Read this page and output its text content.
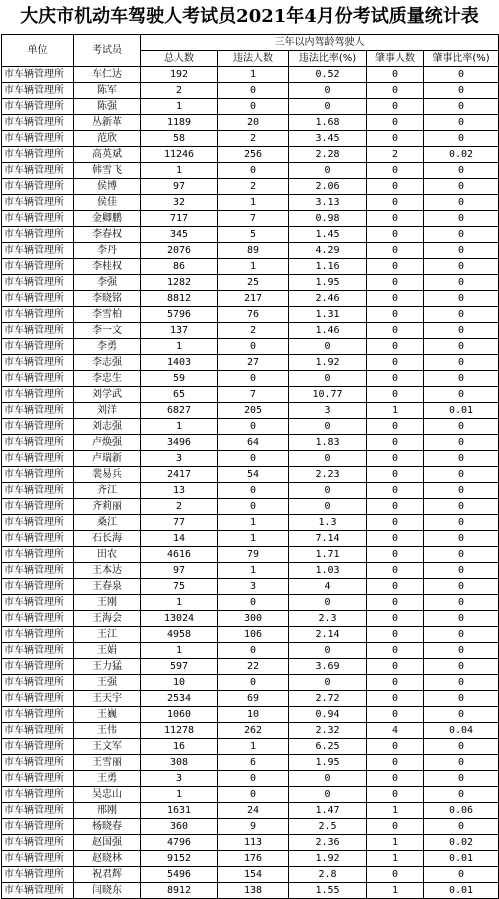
大庆市机动车驾驶人考试员2021年4月份考试质量统计表
单位	考试员	三年以内驾龄驾驶人				
		总人数	违法人数	违法比率(%)	肇事人数	肇事比率(%)
市车辆管理所	车仁达	192	1	0.52	0	0
市车辆管理所	陈军	2	0	0	0	0
市车辆管理所	陈强	1	0	0	0	0
市车辆管理所	丛新革	1189	20	1.68	0	0
市车辆管理所	范欣	58	2	3.45	0	0
市车辆管理所	高英斌	11246	256	2.28	2	0.02
市车辆管理所	韩雪飞	1	0	0	0	0
市车辆管理所	侯博	97	2	2.06	0	0
市车辆管理所	侯佳	32	1	3.13	0	0
市车辆管理所	金卿鹏	717	7	0.98	0	0
市车辆管理所	李春权	345	5	1.45	0	0
市车辆管理所	李丹	2076	89	4.29	0	0
市车辆管理所	李桂权	86	1	1.16	0	0
市车辆管理所	李强	1282	25	1.95	0	0
市车辆管理所	李晓铭	8812	217	2.46	0	0
市车辆管理所	李雪柏	5796	76	1.31	0	0
市车辆管理所	李一文	137	2	1.46	0	0
市车辆管理所	李勇	1	0	0	0	0
市车辆管理所	李志强	1403	27	1.92	0	0
市车辆管理所	李忠生	59	0	0	0	0
市车辆管理所	刘学武	65	7	10.77	0	0
市车辆管理所	刘洋	6827	205	3	1	0.01
市车辆管理所	刘志强	1	0	0	0	0
市车辆管理所	卢焕强	3496	64	1.83	0	0
市车辆管理所	卢瑞新	3	0	0	0	0
市车辆管理所	裴易兵	2417	54	2.23	0	0
市车辆管理所	齐江	13	0	0	0	0
市车辆管理所	齐莉丽	2	0	0	0	0
市车辆管理所	桑江	77	1	1.3	0	0
市车辆管理所	石长海	14	1	7.14	0	0
市车辆管理所	田农	4616	79	1.71	0	0
市车辆管理所	王本达	97	1	1.03	0	0
市车辆管理所	王春泉	75	3	4	0	0
市车辆管理所	王刚	1	0	0	0	0
市车辆管理所	王海会	13024	300	2.3	0	0
市车辆管理所	王江	4958	106	2.14	0	0
市车辆管理所	王娟	1	0	0	0	0
市车辆管理所	王力猛	597	22	3.69	0	0
市车辆管理所	王强	10	0	0	0	0
市车辆管理所	王天宇	2534	69	2.72	0	0
市车辆管理所	王巍	1060	10	0.94	0	0
市车辆管理所	王伟	11278	262	2.32	4	0.04
市车辆管理所	王文军	16	1	6.25	0	0
市车辆管理所	王雪丽	308	6	1.95	0	0
市车辆管理所	王勇	3	0	0	0	0
市车辆管理所	吴忠山	1	0	0	0	0
市车辆管理所	邢刚	1631	24	1.47	1	0.06
市车辆管理所	杨晓春	360	9	2.5	0	0
市车辆管理所	赵国强	4796	113	2.36	1	0.02
市车辆管理所	赵晓林	9152	176	1.92	1	0.01
市车辆管理所	祝君辉	5496	154	2.8	0	0
市车辆管理所	闫晓东	8912	138	1.55	1	0.01
